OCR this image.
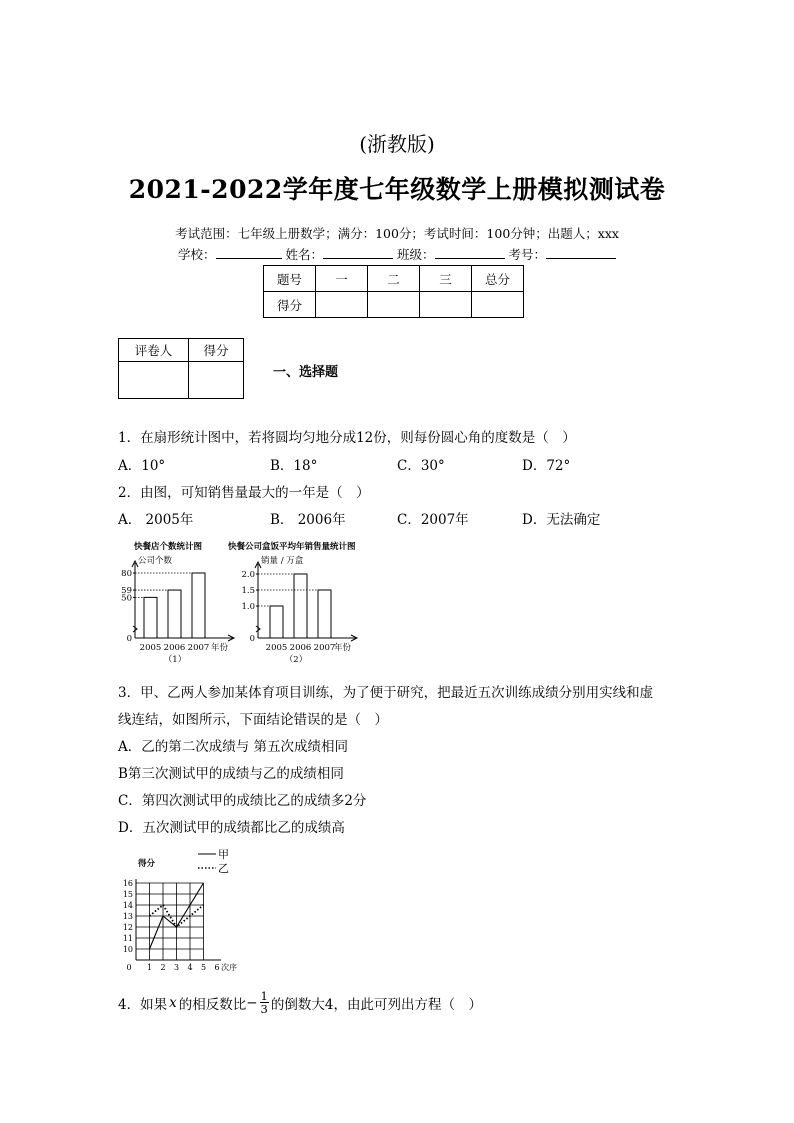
(浙教版)
2021-2022学年度七年级数学上册模拟测试卷
考试范围：七年级上册数学；满分：100分；考试时间：100分钟；出题人；xxx
学校：	姓名：	班级：	考号：
题号	一	二	三	总分
得分				
评卷人	得分

一、选择题
1．在扇形统计图中，若将圆均匀地分成12份，则每份圆心角的度数是（　）
A．10°	B．18°	C．30°	D．72°
2．由图，可知销售量最大的一年是（　）
A． 2005年	B． 2006年	C．2007年	D．无法确定
快餐店个数统计图
公司个数
0
50
59
80
2005 2006 2007 年份
（1）
快餐公司盒饭平均年销售量统计图
销量 / 万盒
0
1.0
1.5
2.0
2005 2006 2007
年份
（2）
3．甲、乙两人参加某体育项目训练，为了便于研究，把最近五次训练成绩分别用实线和虚
线连结，如图所示，下面结论错误的是（　）
A．乙的第二次成绩与 第五次成绩相同
B第三次测试甲的成绩与乙的成绩相同
C．第四次测试甲的成绩比乙的成绩多2分
D．五次测试甲的成绩都比乙的成绩高
得分
10
11
12
13
14
15
16
0 1 2 3 4 5 6 次序
甲
乙
4．如果 x 的相反数比 − $\frac{1}{3}$ 的倒数大4，由此可列出方程（　）
